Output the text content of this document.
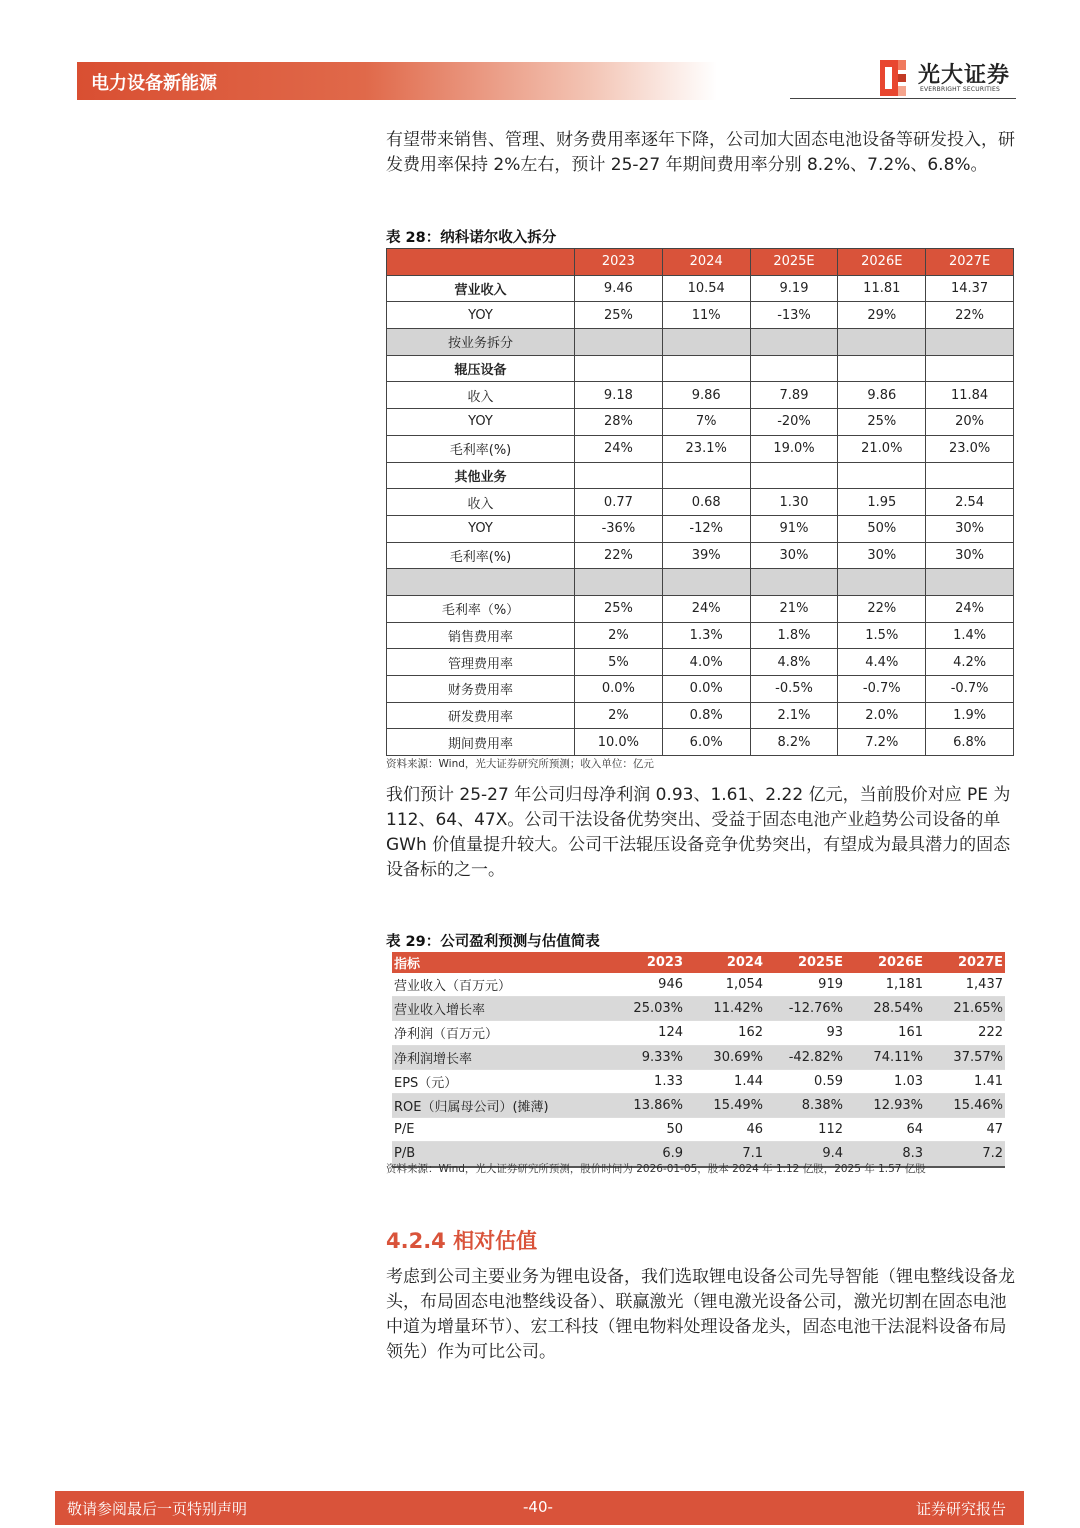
电力设备新能源	光大证券
EVERBRIGHT SECURITIES

有望带来销售、管理、财务费用率逐年下降，公司加大固态电池设备等研发投入，研发费用率保持 2%左右，预计 25-27 年期间费用率分别 8.2%、7.2%、6.8%。

表 28：纳科诺尔收入拆分
	2023	2024	2025E	2026E	2027E
营业收入	9.46	10.54	9.19	11.81	14.37
YOY	25%	11%	-13%	29%	22%
按业务拆分					
辊压设备					
收入	9.18	9.86	7.89	9.86	11.84
YOY	28%	7%	-20%	25%	20%
毛利率(%)	24%	23.1%	19.0%	21.0%	23.0%
其他业务					
收入	0.77	0.68	1.30	1.95	2.54
YOY	-36%	-12%	91%	50%	30%
毛利率(%)	22%	39%	30%	30%	30%

毛利率（%）	25%	24%	21%	22%	24%
销售费用率	2%	1.3%	1.8%	1.5%	1.4%
管理费用率	5%	4.0%	4.8%	4.4%	4.2%
财务费用率	0.0%	0.0%	-0.5%	-0.7%	-0.7%
研发费用率	2%	0.8%	2.1%	2.0%	1.9%
期间费用率	10.0%	6.0%	8.2%	7.2%	6.8%
资料来源：Wind，光大证券研究所预测；收入单位：亿元

我们预计 25-27 年公司归母净利润 0.93、1.61、2.22 亿元，当前股价对应 PE 为 112、64、47X。公司干法设备优势突出、受益于固态电池产业趋势公司设备的单 GWh 价值量提升较大。公司干法辊压设备竞争优势突出，有望成为最具潜力的固态设备标的之一。

表 29：公司盈利预测与估值简表
指标	2023	2024	2025E	2026E	2027E
营业收入（百万元）	946	1,054	919	1,181	1,437
营业收入增长率	25.03%	11.42%	-12.76%	28.54%	21.65%
净利润（百万元）	124	162	93	161	222
净利润增长率	9.33%	30.69%	-42.82%	74.11%	37.57%
EPS（元）	1.33	1.44	0.59	1.03	1.41
ROE（归属母公司）(摊薄)	13.86%	15.49%	8.38%	12.93%	15.46%
P/E	50	46	112	64	47
P/B	6.9	7.1	9.4	8.3	7.2
资料来源：Wind，光大证券研究所预测，股价时间为 2026-01-05，股本 2024 年 1.12 亿股，2025 年 1.57 亿股
4.2.4 相对估值

考虑到公司主要业务为锂电设备，我们选取锂电设备公司先导智能（锂电整线设备龙头，布局固态电池整线设备）、联赢激光（锂电激光设备公司，激光切割在固态电池中道为增量环节）、宏工科技（锂电物料处理设备龙头，固态电池干法混料设备布局领先）作为可比公司。

敬请参阅最后一页特别声明	-40-	证券研究报告
